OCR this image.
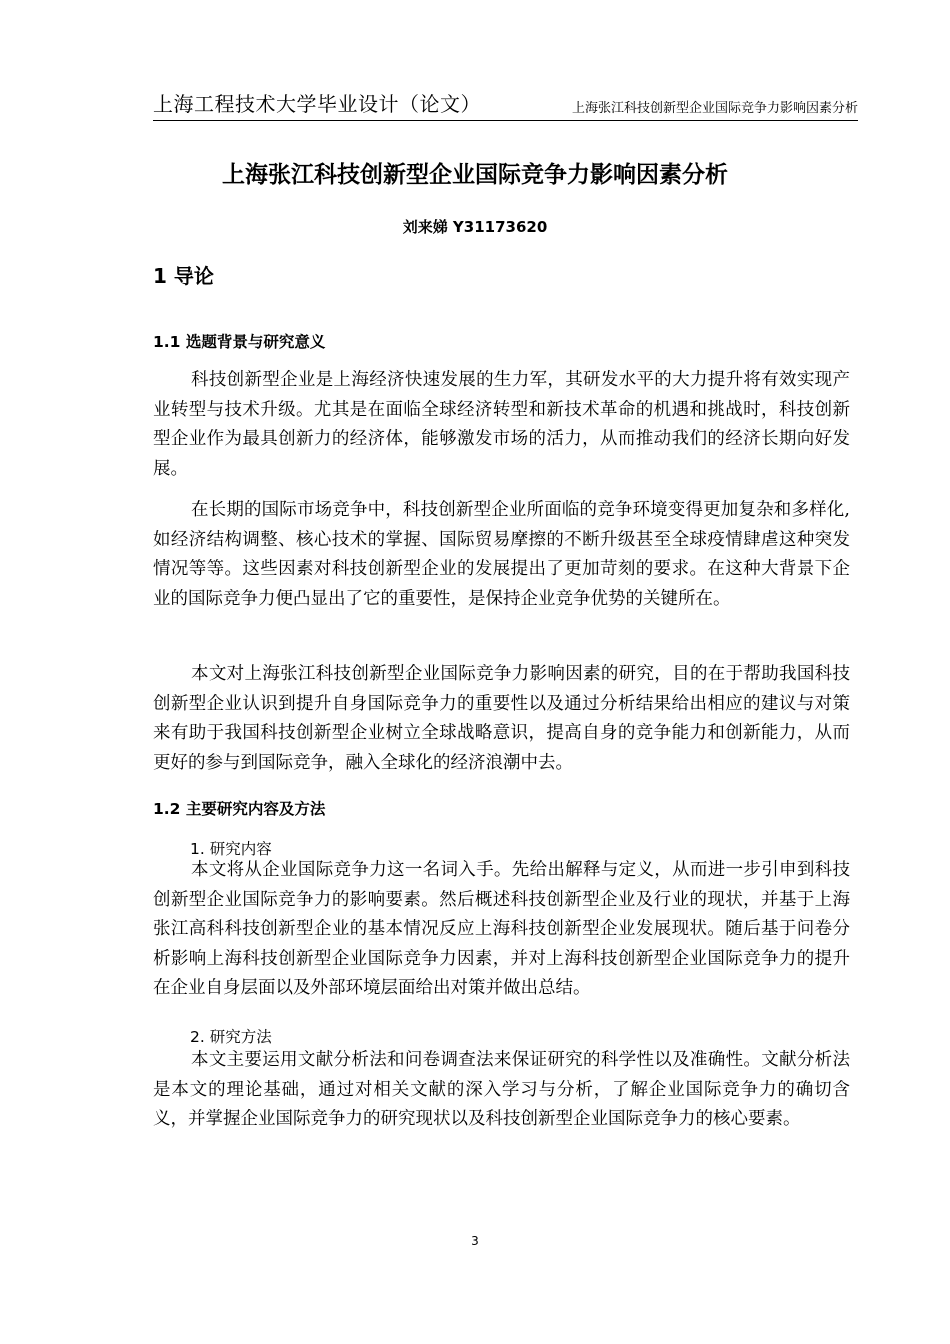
上海工程技术大学毕业设计（论文）	上海张江科技创新型企业国际竞争力影响因素分析
上海张江科技创新型企业国际竞争力影响因素分析
刘来娣 Y31173620
1 导论
1.1 选题背景与研究意义

科技创新型企业是上海经济快速发展的生力军，其研发水平的大力提升将有效实现产业转型与技术升级。尤其是在面临全球经济转型和新技术革命的机遇和挑战时，科技创新型企业作为最具创新力的经济体，能够激发市场的活力，从而推动我们的经济长期向好发展。

在长期的国际市场竞争中，科技创新型企业所面临的竞争环境变得更加复杂和多样化,如经济结构调整、核心技术的掌握、国际贸易摩擦的不断升级甚至全球疫情肆虐这种突发情况等等。这些因素对科技创新型企业的发展提出了更加苛刻的要求。在这种大背景下企业的国际竞争力便凸显出了它的重要性，是保持企业竞争优势的关键所在。

本文对上海张江科技创新型企业国际竞争力影响因素的研究，目的在于帮助我国科技创新型企业认识到提升自身国际竞争力的重要性以及通过分析结果给出相应的建议与对策来有助于我国科技创新型企业树立全球战略意识，提高自身的竞争能力和创新能力，从而更好的参与到国际竞争，融入全球化的经济浪潮中去。

1.2 主要研究内容及方法
1. 研究内容

本文将从企业国际竞争力这一名词入手。先给出解释与定义，从而进一步引申到科技创新型企业国际竞争力的影响要素。然后概述科技创新型企业及行业的现状，并基于上海张江高科科技创新型企业的基本情况反应上海科技创新型企业发展现状。随后基于问卷分析影响上海科技创新型企业国际竞争力因素，并对上海科技创新型企业国际竞争力的提升在企业自身层面以及外部环境层面给出对策并做出总结。

2. 研究方法

本文主要运用文献分析法和问卷调查法来保证研究的科学性以及准确性。文献分析法是本文的理论基础，通过对相关文献的深入学习与分析，了解企业国际竞争力的确切含义，并掌握企业国际竞争力的研究现状以及科技创新型企业国际竞争力的核心要素。

3
